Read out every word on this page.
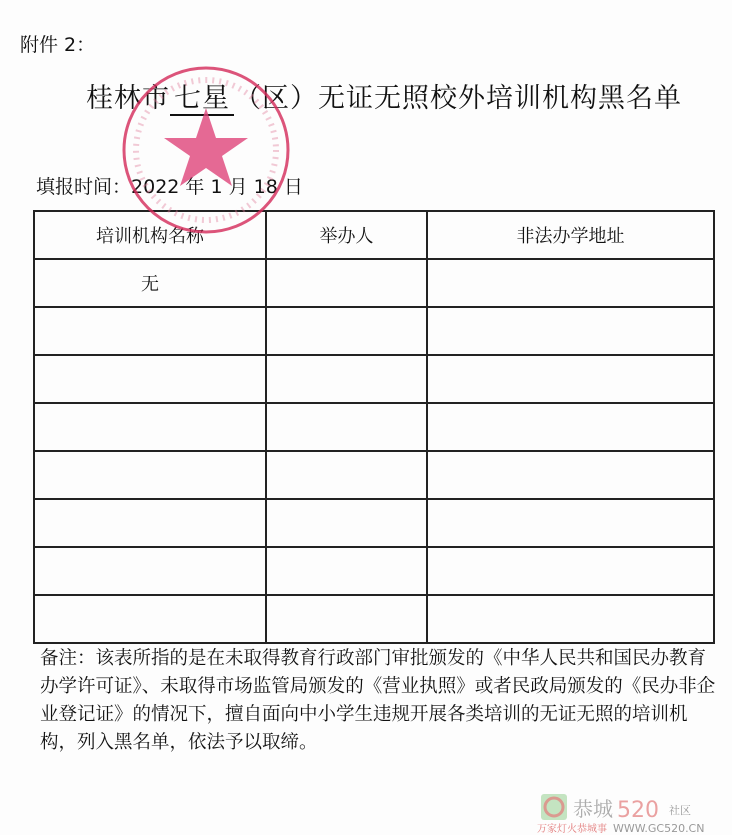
附件 2：
桂林市 七星 （区）无证无照校外培训机构黑名单
填报时间：2022 年 1 月 18 日
培训机构名称	举办人	非法办学地址
无		

备注：该表所指的是在未取得教育行政部门审批颁发的《中华人民共和国民办教育办学许可证》、未取得市场监管局颁发的《营业执照》或者民政局颁发的《民办非企业登记证》的情况下，擅自面向中小学生违规开展各类培训的无证无照的培训机构，列入黑名单，依法予以取缔。
恭城 520 社区
万家灯火恭城事 WWW.GC520.CN
